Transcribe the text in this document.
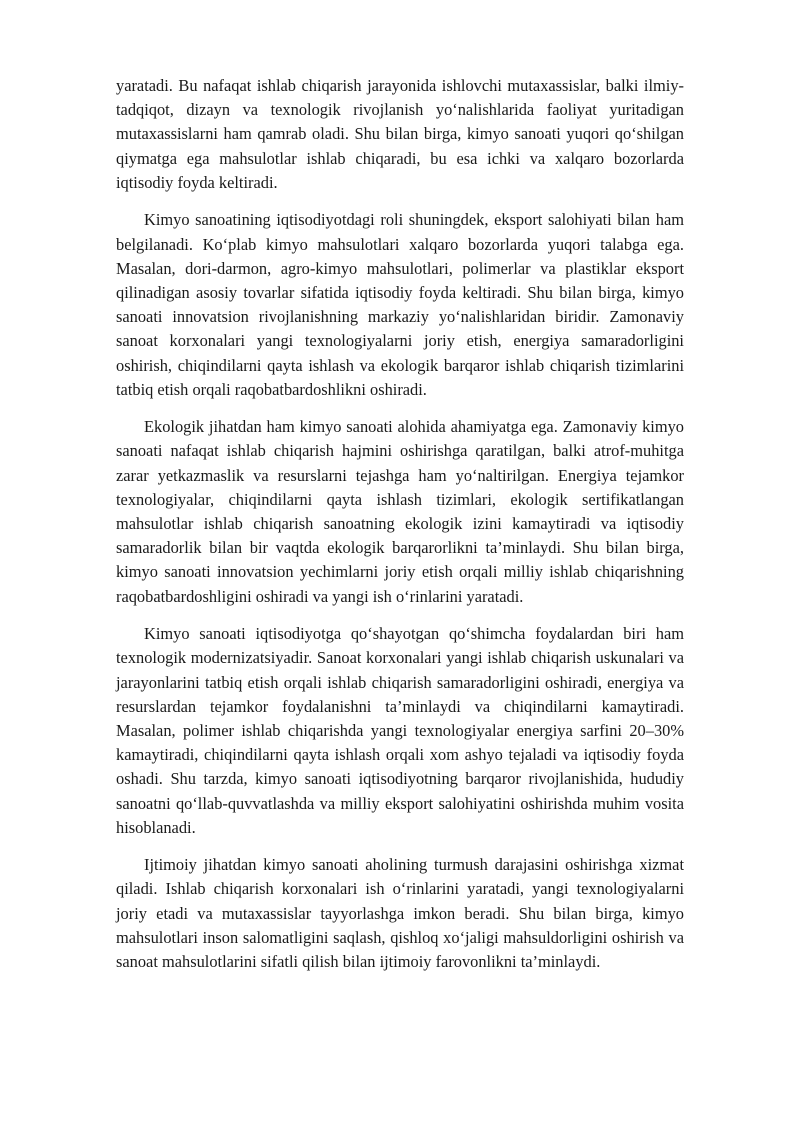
yaratadi. Bu nafaqat ishlab chiqarish jarayonida ishlovchi mutaxassislar, balki ilmiy-tadqiqot, dizayn va texnologik rivojlanish yo‘nalishlarida faoliyat yuritadigan mutaxassislarni ham qamrab oladi. Shu bilan birga, kimyo sanoati yuqori qo‘shilgan qiymatga ega mahsulotlar ishlab chiqaradi, bu esa ichki va xalqaro bozorlarda iqtisodiy foyda keltiradi.

Kimyo sanoatining iqtisodiyotdagi roli shuningdek, eksport salohiyati bilan ham belgilanadi. Ko‘plab kimyo mahsulotlari xalqaro bozorlarda yuqori talabga ega. Masalan, dori-darmon, agro-kimyo mahsulotlari, polimerlar va plastiklar eksport qilinadigan asosiy tovarlar sifatida iqtisodiy foyda keltiradi. Shu bilan birga, kimyo sanoati innovatsion rivojlanishning markaziy yo‘nalishlaridan biridir. Zamonaviy sanoat korxonalari yangi texnologiyalarni joriy etish, energiya samaradorligini oshirish, chiqindilarni qayta ishlash va ekologik barqaror ishlab chiqarish tizimlarini tatbiq etish orqali raqobatbardoshlikni oshiradi.

Ekologik jihatdan ham kimyo sanoati alohida ahamiyatga ega. Zamonaviy kimyo sanoati nafaqat ishlab chiqarish hajmini oshirishga qaratilgan, balki atrof-muhitga zarar yetkazmaslik va resurslarni tejashga ham yo‘naltirilgan. Energiya tejamkor texnologiyalar, chiqindilarni qayta ishlash tizimlari, ekologik sertifikatlangan mahsulotlar ishlab chiqarish sanoatning ekologik izini kamaytiradi va iqtisodiy samaradorlik bilan bir vaqtda ekologik barqarorlikni ta’minlaydi. Shu bilan birga, kimyo sanoati innovatsion yechimlarni joriy etish orqali milliy ishlab chiqarishning raqobatbardoshligini oshiradi va yangi ish o‘rinlarini yaratadi.

Kimyo sanoati iqtisodiyotga qo‘shayotgan qo‘shimcha foydalardan biri ham texnologik modernizatsiyadir. Sanoat korxonalari yangi ishlab chiqarish uskunalari va jarayonlarini tatbiq etish orqali ishlab chiqarish samaradorligini oshiradi, energiya va resurslardan tejamkor foydalanishni ta’minlaydi va chiqindilarni kamaytiradi. Masalan, polimer ishlab chiqarishda yangi texnologiyalar energiya sarfini 20–30% kamaytiradi, chiqindilarni qayta ishlash orqali xom ashyo tejaladi va iqtisodiy foyda oshadi. Shu tarzda, kimyo sanoati iqtisodiyotning barqaror rivojlanishida, hududiy sanoatni qo‘llab-quvvatlashda va milliy eksport salohiyatini oshirishda muhim vosita hisoblanadi.

Ijtimoiy jihatdan kimyo sanoati aholining turmush darajasini oshirishga xizmat qiladi. Ishlab chiqarish korxonalari ish o‘rinlarini yaratadi, yangi texnologiyalarni joriy etadi va mutaxassislar tayyorlashga imkon beradi. Shu bilan birga, kimyo mahsulotlari inson salomatligini saqlash, qishloq xo‘jaligi mahsuldorligini oshirish va sanoat mahsulotlarini sifatli qilish bilan ijtimoiy farovonlikni ta’minlaydi.
